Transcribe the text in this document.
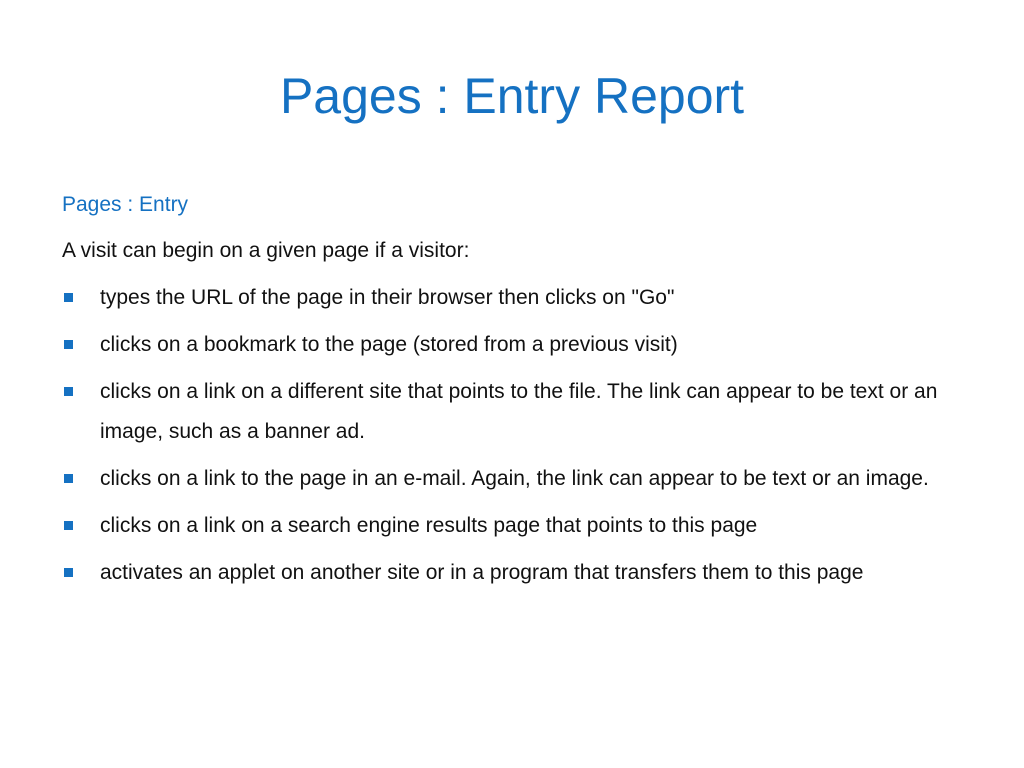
Pages : Entry Report
Pages : Entry
A visit can begin on a given page if a visitor:
types the URL of the page in their browser then clicks on "Go"
clicks on a bookmark to the page (stored from a previous visit)
clicks on a link on a different site that points to the file. The link can appear to be text or an image, such as a banner ad.
clicks on a link to the page in an e-mail. Again, the link can appear to be text or an image.
clicks on a link on a search engine results page that points to this page
activates an applet on another site or in a program that transfers them to this page
